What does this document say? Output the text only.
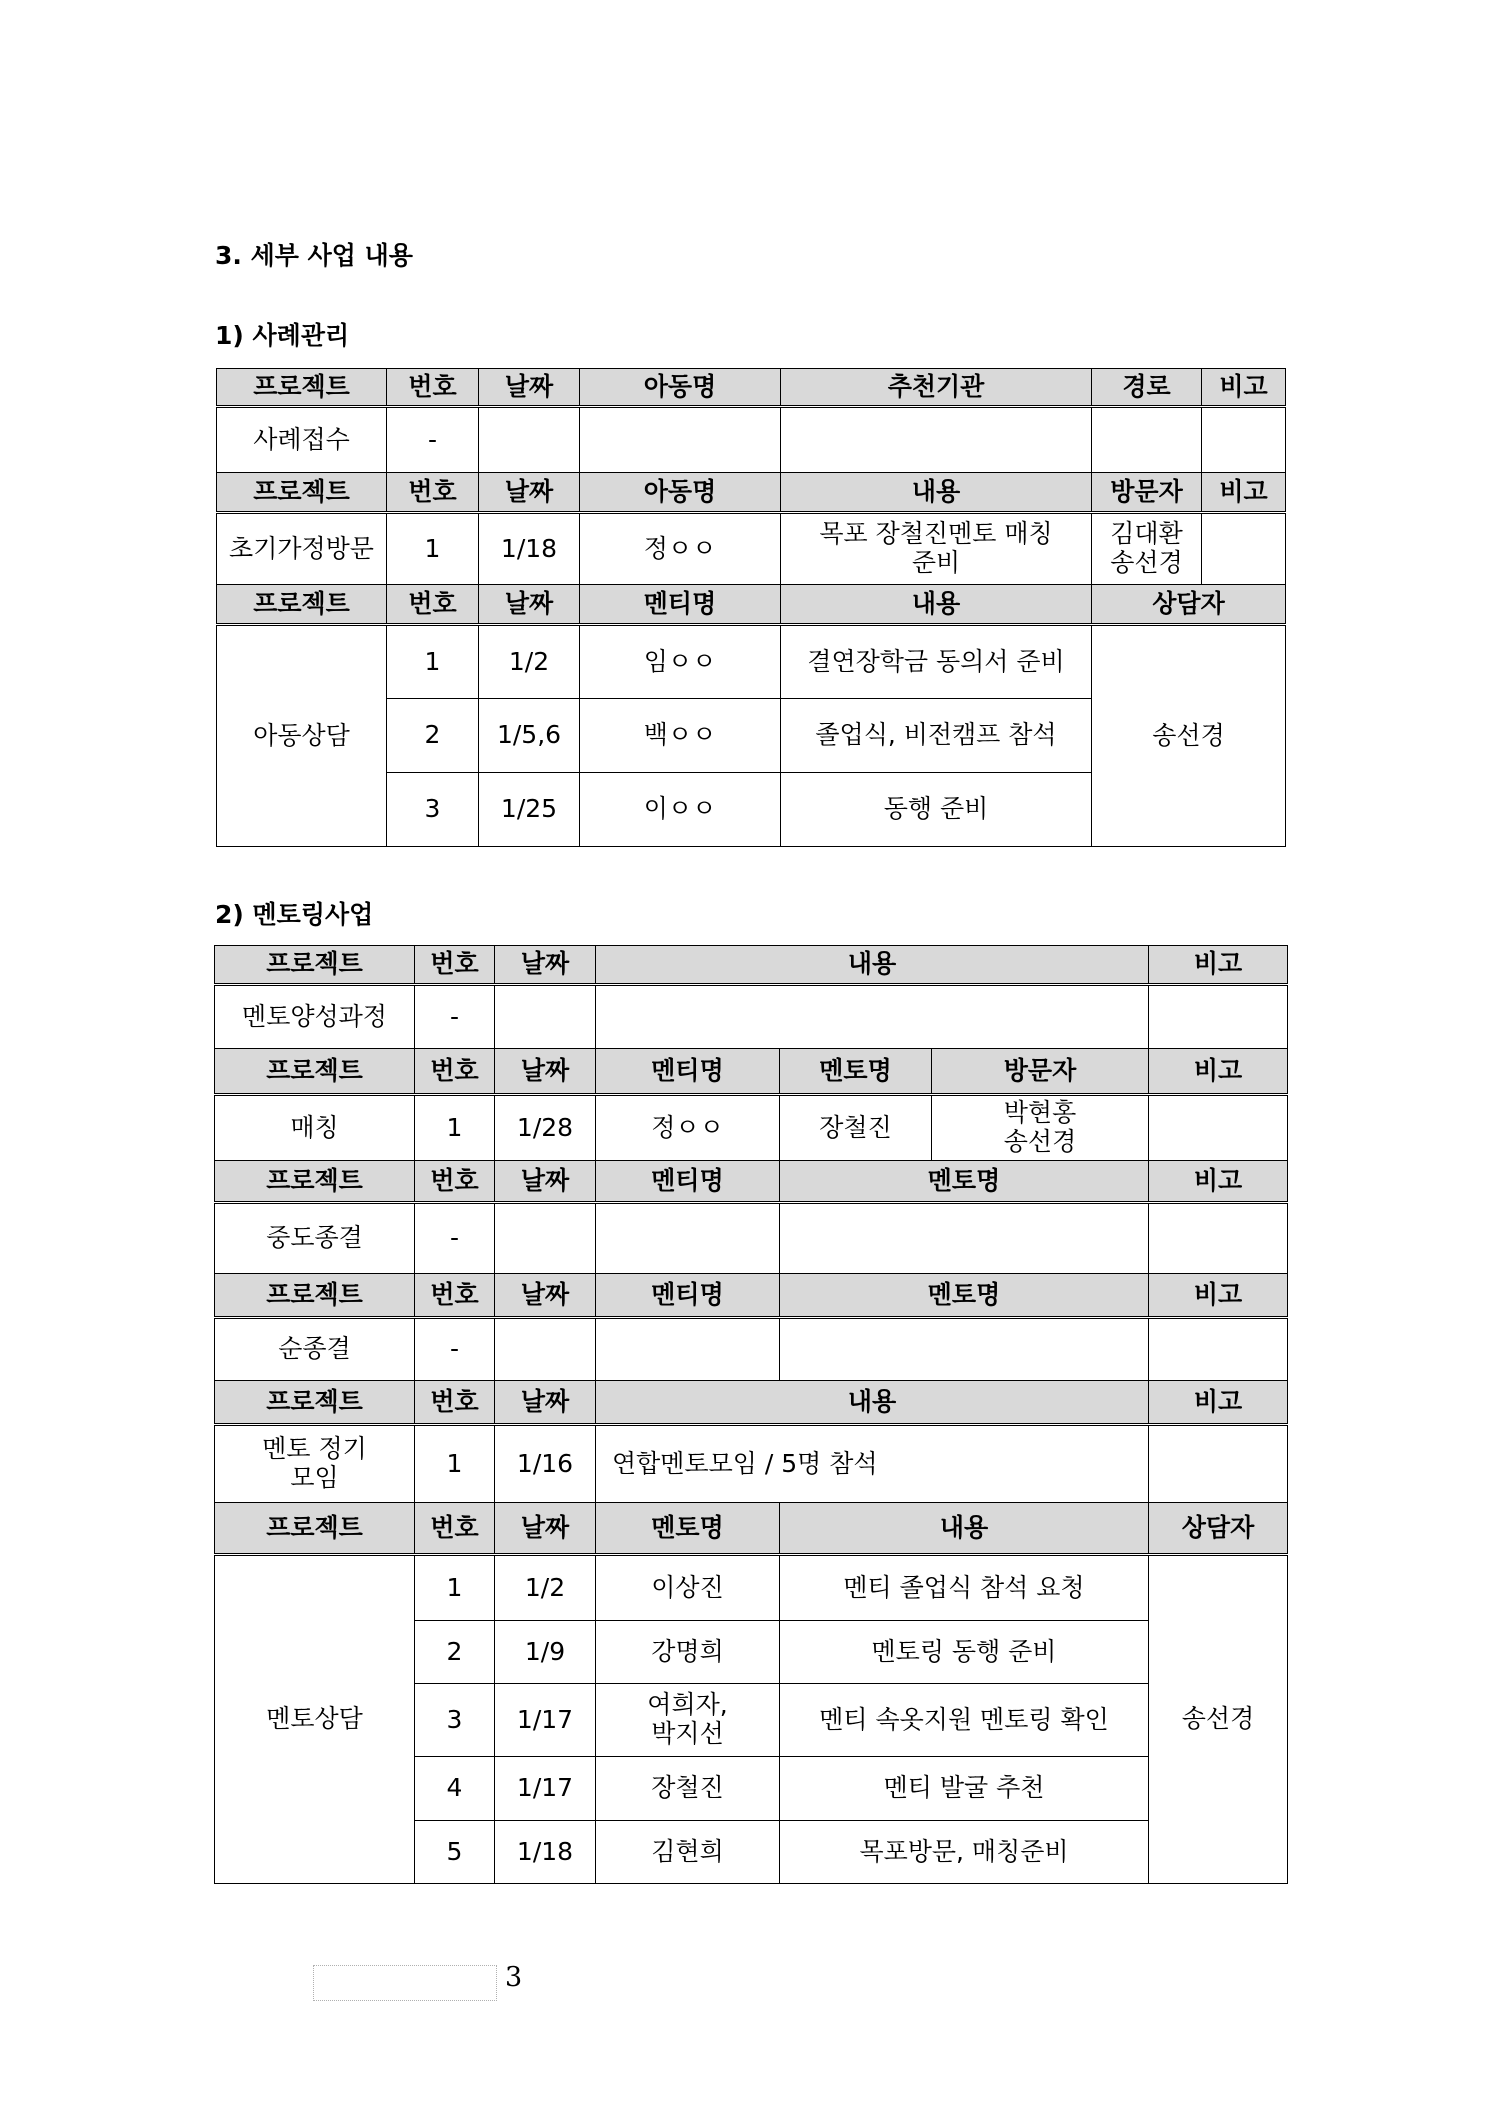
3. 세부 사업 내용
1) 사례관리
프로젝트	번호	날짜	아동명	추천기관	경로	비고
사례접수	-					
프로젝트	번호	날짜	아동명	내용	방문자	비고
초기가정방문	1	1/18	정ㅇㅇ	목포 장철진멘토 매칭 준비	김대환 송선경	
프로젝트	번호	날짜	멘티명	내용	상담자	
아동상담	1	1/2	임ㅇㅇ	결연장학금 동의서 준비	송선경	
	2	1/5,6	백ㅇㅇ	졸업식, 비전캠프 참석		
	3	1/25	이ㅇㅇ	동행 준비		
2) 멘토링사업
프로젝트	번호	날짜	내용			비고
멘토양성과정	-					
프로젝트	번호	날짜	멘티명	멘토명	방문자	비고
매칭	1	1/28	정ㅇㅇ	장철진	박현홍 송선경	
프로젝트	번호	날짜	멘티명	멘토명		비고
중도종결	-					
프로젝트	번호	날짜	멘티명	멘토명		비고
순종결	-					
프로젝트	번호	날짜	내용			비고
멘토 정기모임	1	1/16	연합멘토모임 / 5명 참석			
프로젝트	번호	날짜	멘토명	내용		상담자
멘토상담	1	1/2	이상진	멘티 졸업식 참석 요청		송선경
	2	1/9	강명희	멘토링 동행 준비		
	3	1/17	여희자, 박지선	멘티 속옷지원 멘토링 확인		
	4	1/17	장철진	멘티 발굴 추천		
	5	1/18	김현희	목포방문, 매칭준비		
3
